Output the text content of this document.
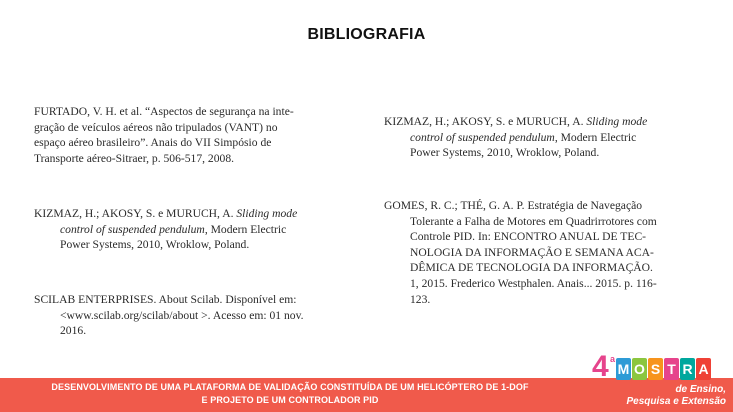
BIBLIOGRAFIA
FURTADO, V. H. et al. “Aspectos de segurança na inte-
gração de veículos aéreos não tripulados (VANT) no
espaço aéreo brasileiro”. Anais do VII Simpósio de
Transporte aéreo-Sitraer, p. 506-517, 2008.
KIZMAZ, H.; AKOSY, S. e MURUCH, A. Sliding mode
control of suspended pendulum, Modern Electric
Power Systems, 2010, Wroklow, Poland.
SCILAB ENTERPRISES. About Scilab. Disponível em:
<www.scilab.org/scilab/about >. Acesso em: 01 nov.
2016.
KIZMAZ, H.; AKOSY, S. e MURUCH, A. Sliding mode
control of suspended pendulum, Modern Electric
Power Systems, 2010, Wroklow, Poland.
GOMES, R. C.; THÉ, G. A. P. Estratégia de Navegação
Tolerante a Falha de Motores em Quadrirrotores com
Controle PID. In: ENCONTRO ANUAL DE TEC-
NOLOGIA DA INFORMAÇÃO E SEMANA ACA-
DÊMICA DE TECNOLOGIA DA INFORMAÇÃO.
1, 2015. Frederico Westphalen. Anais... 2015. p. 116-
123.
DESENVOLVIMENTO DE UMA PLATAFORMA DE VALIDAÇÃO CONSTITUÍDA DE UM HELICÓPTERO DE 1-DOF
E PROJETO DE UM CONTROLADOR PID
4 a
M O S T R A
de Ensino,
Pesquisa e Extensão
